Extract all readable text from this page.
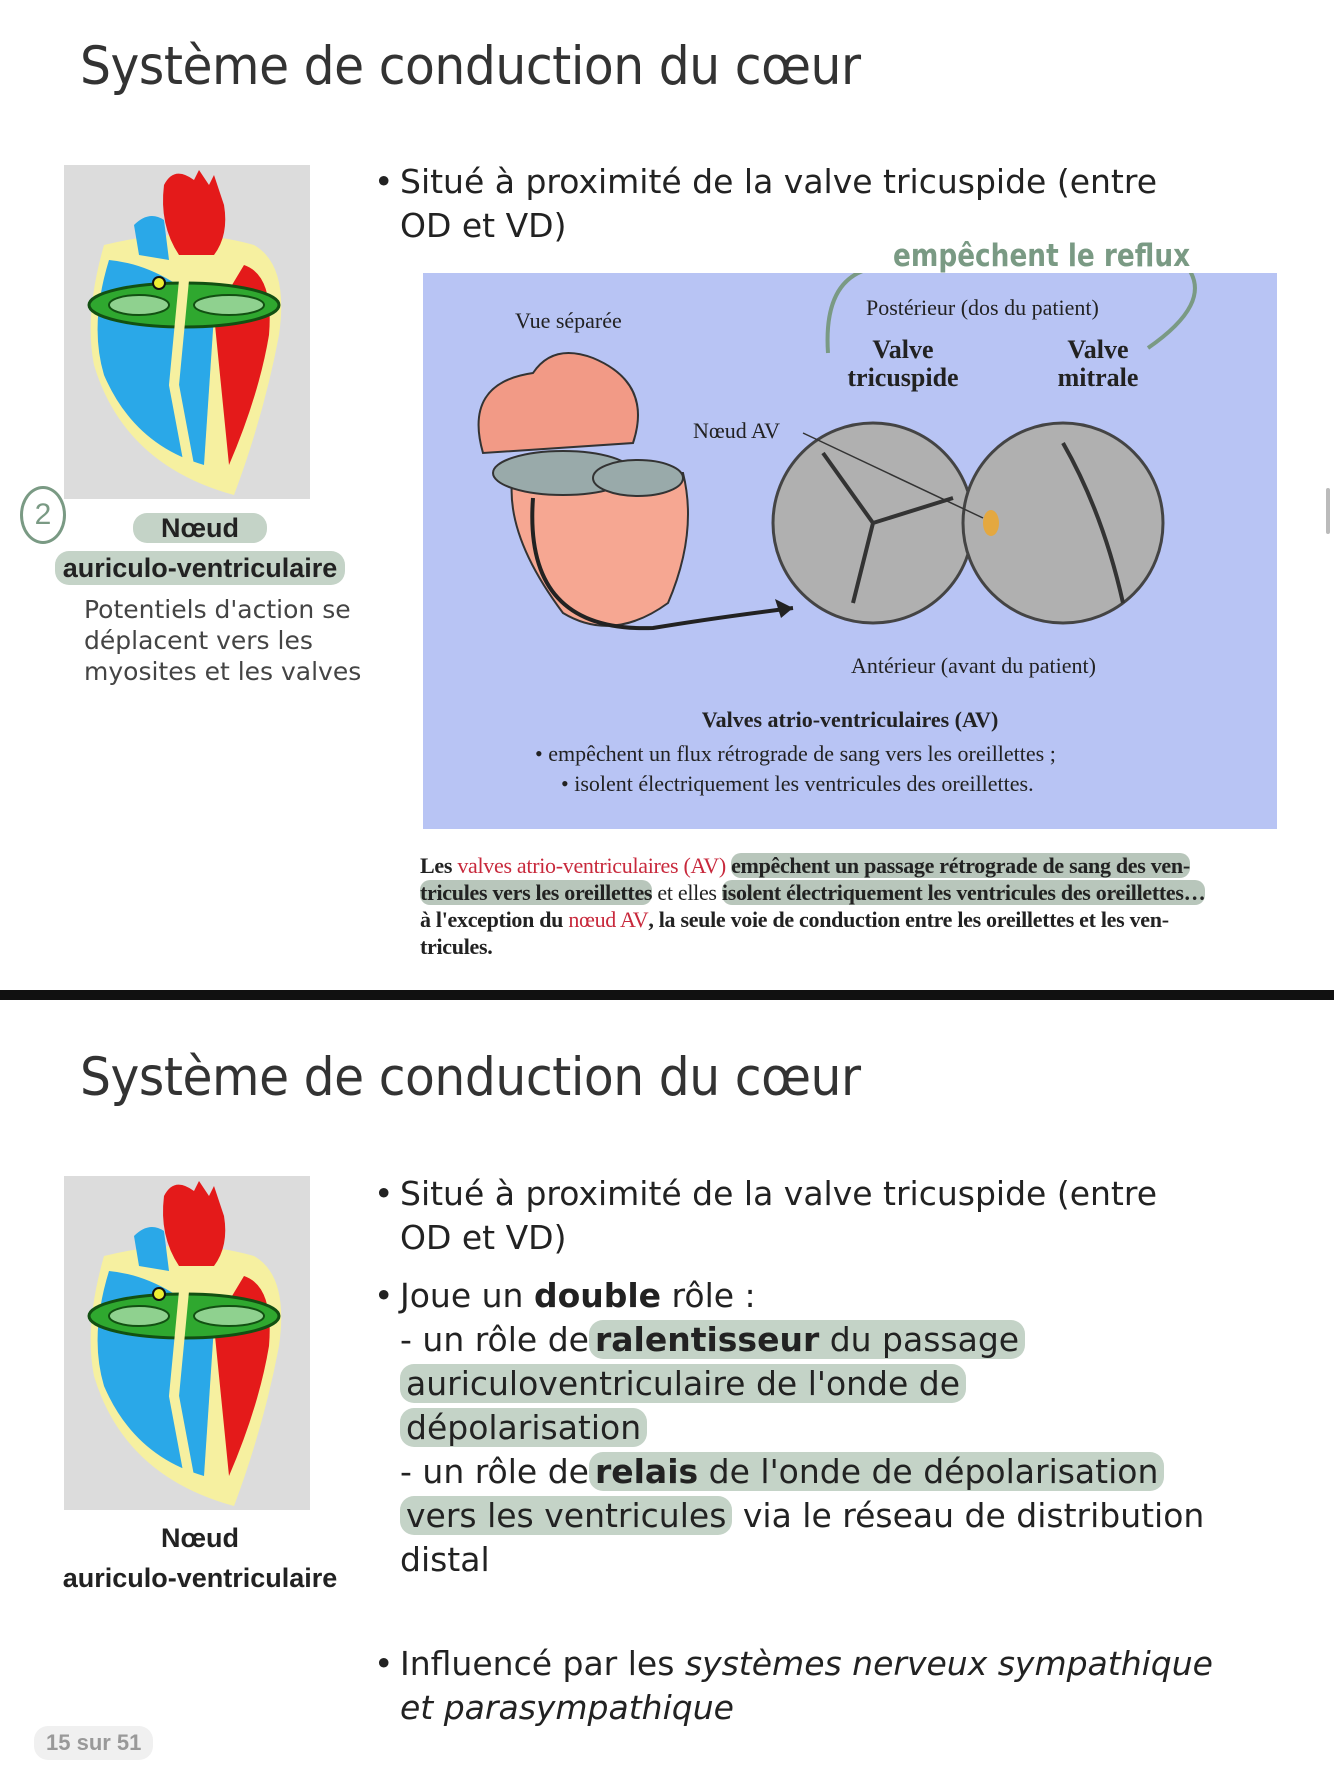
Système de conduction du cœur
2	Nœud
auriculo-ventriculaire
Potentiels d'action se
déplacent vers les
myosites et les valves
• Situé à proximité de la valve tricuspide (entre
OD et VD)
empêchent le reflux
Vue séparée
Postérieur (dos du patient)
Valve
tricuspide
Valve
mitrale
Nœud AV
Antérieur (avant du patient)
Valves atrio-ventriculaires (AV)
• empêchent un flux rétrograde de sang vers les oreillettes ;
• isolent électriquement les ventricules des oreillettes.
Les valves atrio-ventriculaires (AV) empêchent un passage rétrograde de sang des ven-
tricules vers les oreillettes et elles isolent électriquement les ventricules des oreillettes…
à l'exception du nœud AV, la seule voie de conduction entre les oreillettes et les ven-
tricules.
Système de conduction du cœur
Nœud
auriculo-ventriculaire
• Situé à proximité de la valve tricuspide (entre
OD et VD)
• Joue un double rôle :
- un rôle de ralentisseur du passage
auriculoventriculaire de l'onde de
dépolarisation
- un rôle de relais de l'onde de dépolarisation
vers les ventricules via le réseau de distribution
distal
• Influencé par les systèmes nerveux sympathique
et parasympathique
15 sur 51
